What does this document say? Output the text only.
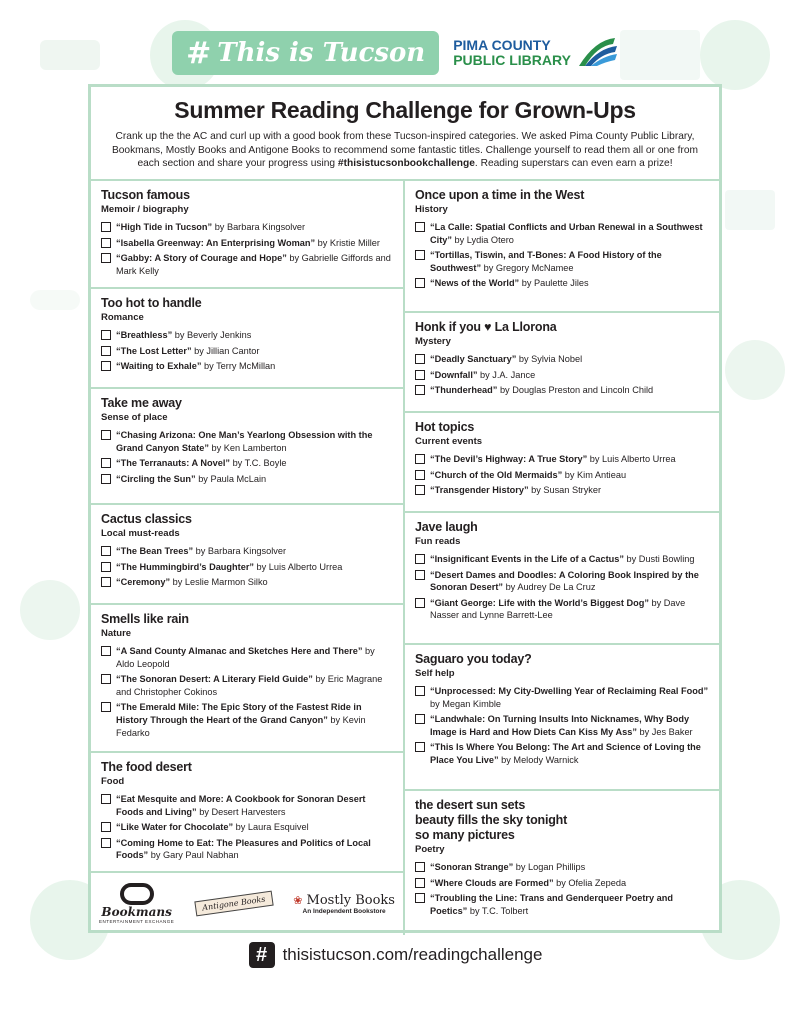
# This is Tucson PIMA COUNTY
PUBLIC LIBRARY
Summer Reading Challenge for Grown-Ups
Crank up the the AC and curl up with a good book from these Tucson-inspired categories. We asked Pima County Public Library, Bookmans, Mostly Books and Antigone Books to recommend some fantastic titles. Challenge yourself to read them all or one from each section and share your progress using #thisistucsonbookchallenge. Reading superstars can even earn a prize!
Tucson famous
Memoir / biography
“High Tide in Tucson” by Barbara Kingsolver
“Isabella Greenway: An Enterprising Woman” by Kristie Miller
“Gabby: A Story of Courage and Hope” by Gabrielle Giffords and Mark Kelly
Too hot to handle
Romance
“Breathless” by Beverly Jenkins
“The Lost Letter” by Jillian Cantor
“Waiting to Exhale” by Terry McMillan
Take me away
Sense of place
“Chasing Arizona: One Man’s Yearlong Obsession with the Grand Canyon State” by Ken Lamberton
“The Terranauts: A Novel” by T.C. Boyle
“Circling the Sun” by Paula McLain
Cactus classics
Local must-reads
“The Bean Trees” by Barbara Kingsolver
“The Hummingbird’s Daughter” by Luis Alberto Urrea
“Ceremony” by Leslie Marmon Silko
Smells like rain
Nature
“A Sand County Almanac and Sketches Here and There” by Aldo Leopold
“The Sonoran Desert: A Literary Field Guide” by Eric Magrane and Christopher Cokinos
“The Emerald Mile: The Epic Story of the Fastest Ride in History Through the Heart of the Grand Canyon” by Kevin Fedarko
The food desert
Food
“Eat Mesquite and More: A Cookbook for Sonoran Desert Foods and Living” by Desert Harvesters
“Like Water for Chocolate” by Laura Esquivel
“Coming Home to Eat: The Pleasures and Politics of Local Foods” by Gary Paul Nabhan
Bookmans
ENTERTAINMENT EXCHANGE
Antigone Books	❀ Mostly Books
An Independent Bookstore
Once upon a time in the West
History
“La Calle: Spatial Conflicts and Urban Renewal in a Southwest City” by Lydia Otero
“Tortillas, Tiswin, and T-Bones: A Food History of the Southwest” by Gregory McNamee
“News of the World” by Paulette Jiles
Honk if you ♥ La Llorona
Mystery
“Deadly Sanctuary” by Sylvia Nobel
“Downfall” by J.A. Jance
“Thunderhead” by Douglas Preston and Lincoln Child
Hot topics
Current events
“The Devil’s Highway: A True Story” by Luis Alberto Urrea
“Church of the Old Mermaids” by Kim Antieau
“Transgender History” by Susan Stryker
Jave laugh
Fun reads
“Insignificant Events in the Life of a Cactus” by Dusti Bowling
“Desert Dames and Doodles: A Coloring Book Inspired by the Sonoran Desert” by Audrey De La Cruz
“Giant George: Life with the World’s Biggest Dog” by Dave Nasser and Lynne Barrett-Lee
Saguaro you today?
Self help
“Unprocessed: My City-Dwelling Year of Reclaiming Real Food” by Megan Kimble
“Landwhale: On Turning Insults Into Nicknames, Why Body Image is Hard and How Diets Can Kiss My Ass” by Jes Baker
“This Is Where You Belong: The Art and Science of Loving the Place You Live” by Melody Warnick
the desert sun sets
beauty fills the sky tonight
so many pictures
Poetry
“Sonoran Strange” by Logan Phillips
“Where Clouds are Formed” by Ofelia Zepeda
“Troubling the Line: Trans and Genderqueer Poetry and Poetics” by T.C. Tolbert
# thisistucson.com/readingchallenge
